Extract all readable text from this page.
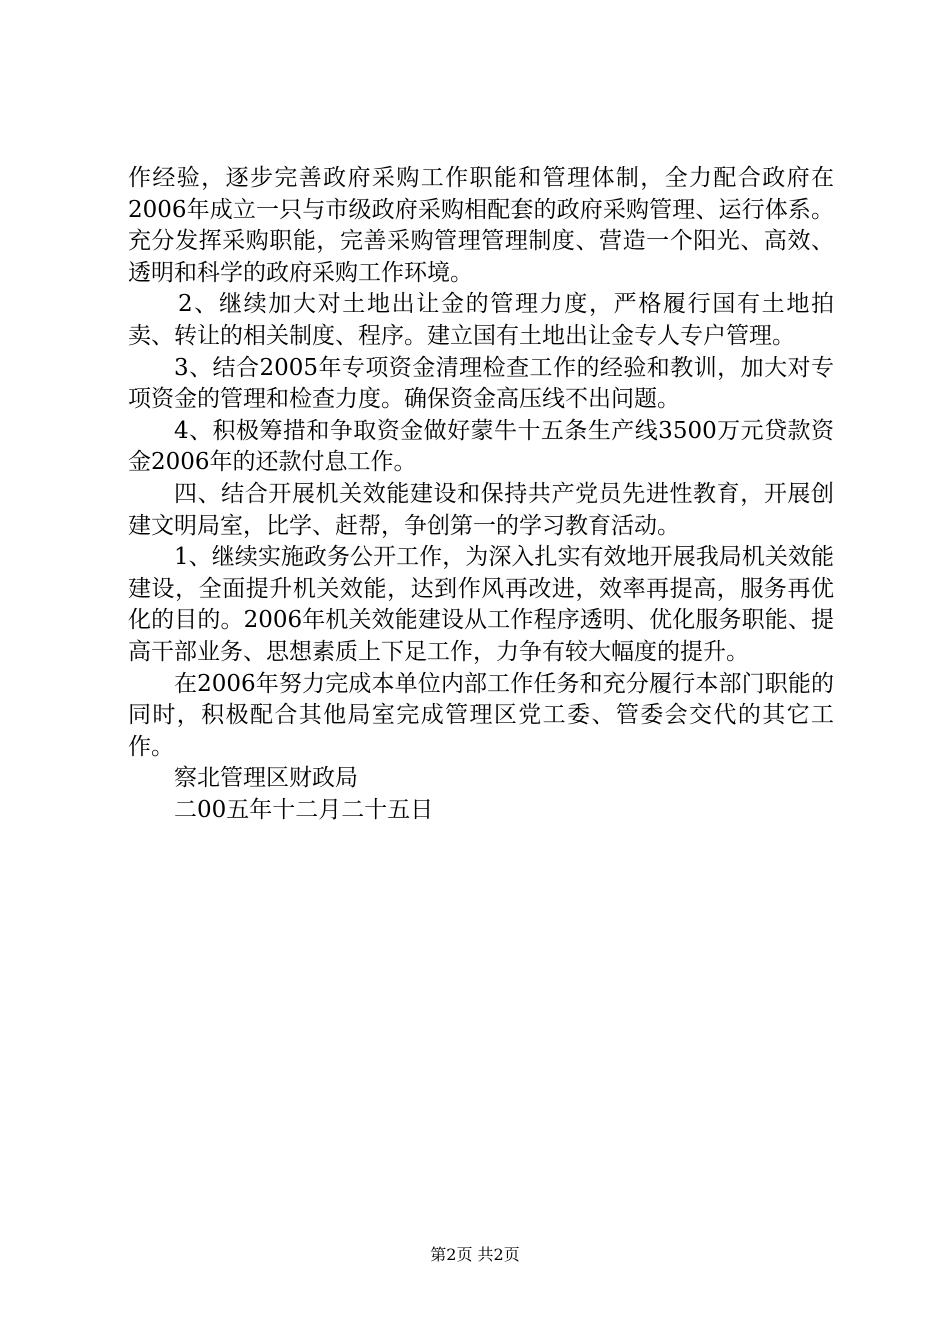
作经验，逐步完善政府采购工作职能和管理体制，全力配合政府在2006年成立一只与市级政府采购相配套的政府采购管理、运行体系。充分发挥采购职能，完善采购管理管理制度、营造一个阳光、高效、透明和科学的政府采购工作环境。

2、继续加大对土地出让金的管理力度，严格履行国有土地拍卖、转让的相关制度、程序。建立国有土地出让金专人专户管理。

3、结合2005年专项资金清理检查工作的经验和教训，加大对专项资金的管理和检查力度。确保资金高压线不出问题。

4、积极筹措和争取资金做好蒙牛十五条生产线3500万元贷款资金2006年的还款付息工作。

四、结合开展机关效能建设和保持共产党员先进性教育，开展创建文明局室，比学、赶帮，争创第一的学习教育活动。

1、继续实施政务公开工作，为深入扎实有效地开展我局机关效能建设，全面提升机关效能，达到作风再改进，效率再提高，服务再优化的目的。2006年机关效能建设从工作程序透明、优化服务职能、提高干部业务、思想素质上下足工作，力争有较大幅度的提升。

在2006年努力完成本单位内部工作任务和充分履行本部门职能的同时，积极配合其他局室完成管理区党工委、管委会交代的其它工作。

察北管理区财政局

二00五年十二月二十五日

第2页 共2页
